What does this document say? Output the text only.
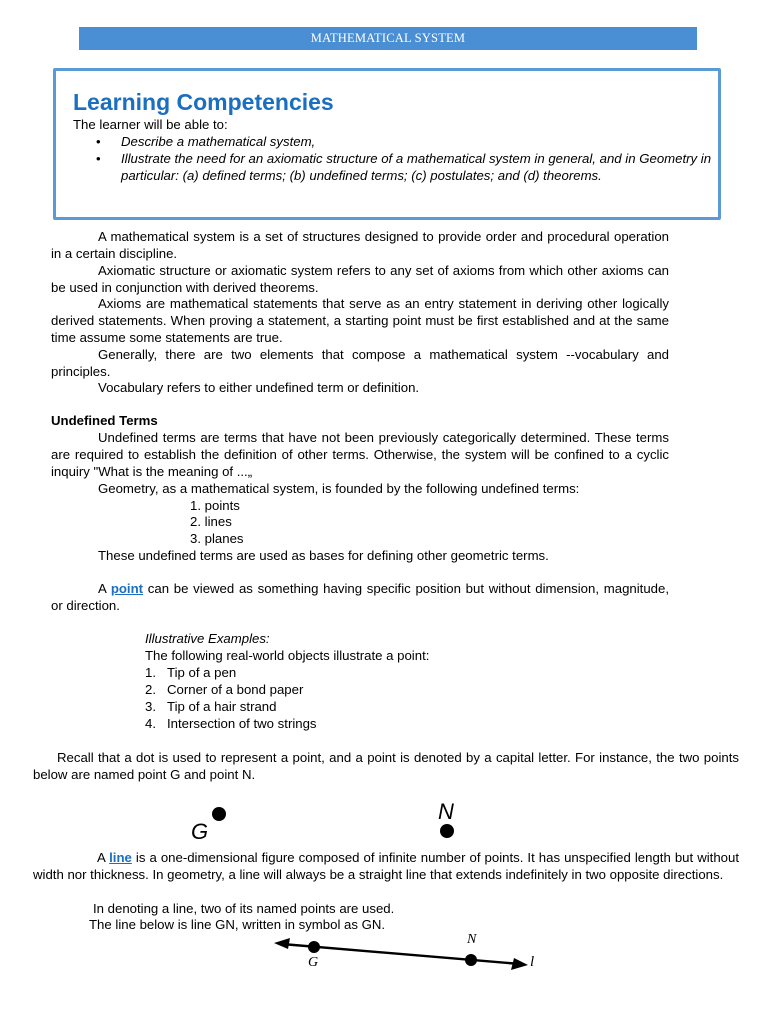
MATHEMATICAL SYSTEM
Learning Competencies
The learner will be able to:
• Describe a mathematical system,
• Illustrate the need for an axiomatic structure of a mathematical system in general, and in Geometry in particular: (a) defined terms; (b) undefined terms; (c) postulates; and (d) theorems.
A mathematical system is a set of structures designed to provide order and procedural operation in a certain discipline.
Axiomatic structure or axiomatic system refers to any set of axioms from which other axioms can be used in conjunction with derived theorems.
Axioms are mathematical statements that serve as an entry statement in deriving other logically derived statements. When proving a statement, a starting point must be first established and at the same time assume some statements are true.
Generally, there are two elements that compose a mathematical system --vocabulary and principles.
Vocabulary refers to either undefined term or definition.
Undefined Terms
Undefined terms are terms that have not been previously categorically determined. These terms are required to establish the definition of other terms. Otherwise, the system will be confined to a cyclic inquiry "What is the meaning of ...„
Geometry, as a mathematical system, is founded by the following undefined terms:
1. points
2. lines
3. planes
These undefined terms are used as bases for defining other geometric terms.
A point can be viewed as something having specific position but without dimension, magnitude, or direction.
Illustrative Examples:
The following real-world objects illustrate a point:
1. Tip of a pen
2. Corner of a bond paper
3. Tip of a hair strand
4. Intersection of two strings
Recall that a dot is used to represent a point, and a point is denoted by a capital letter. For instance, the two points below are named point G and point N.
G
N
A line is a one-dimensional figure composed of infinite number of points. It has unspecified length but without width nor thickness. In geometry, a line will always be a straight line that extends indefinitely in two opposite directions.
In denoting a line, two of its named points are used.
The line below is line GN, written in symbol as GN.
G
N
l
